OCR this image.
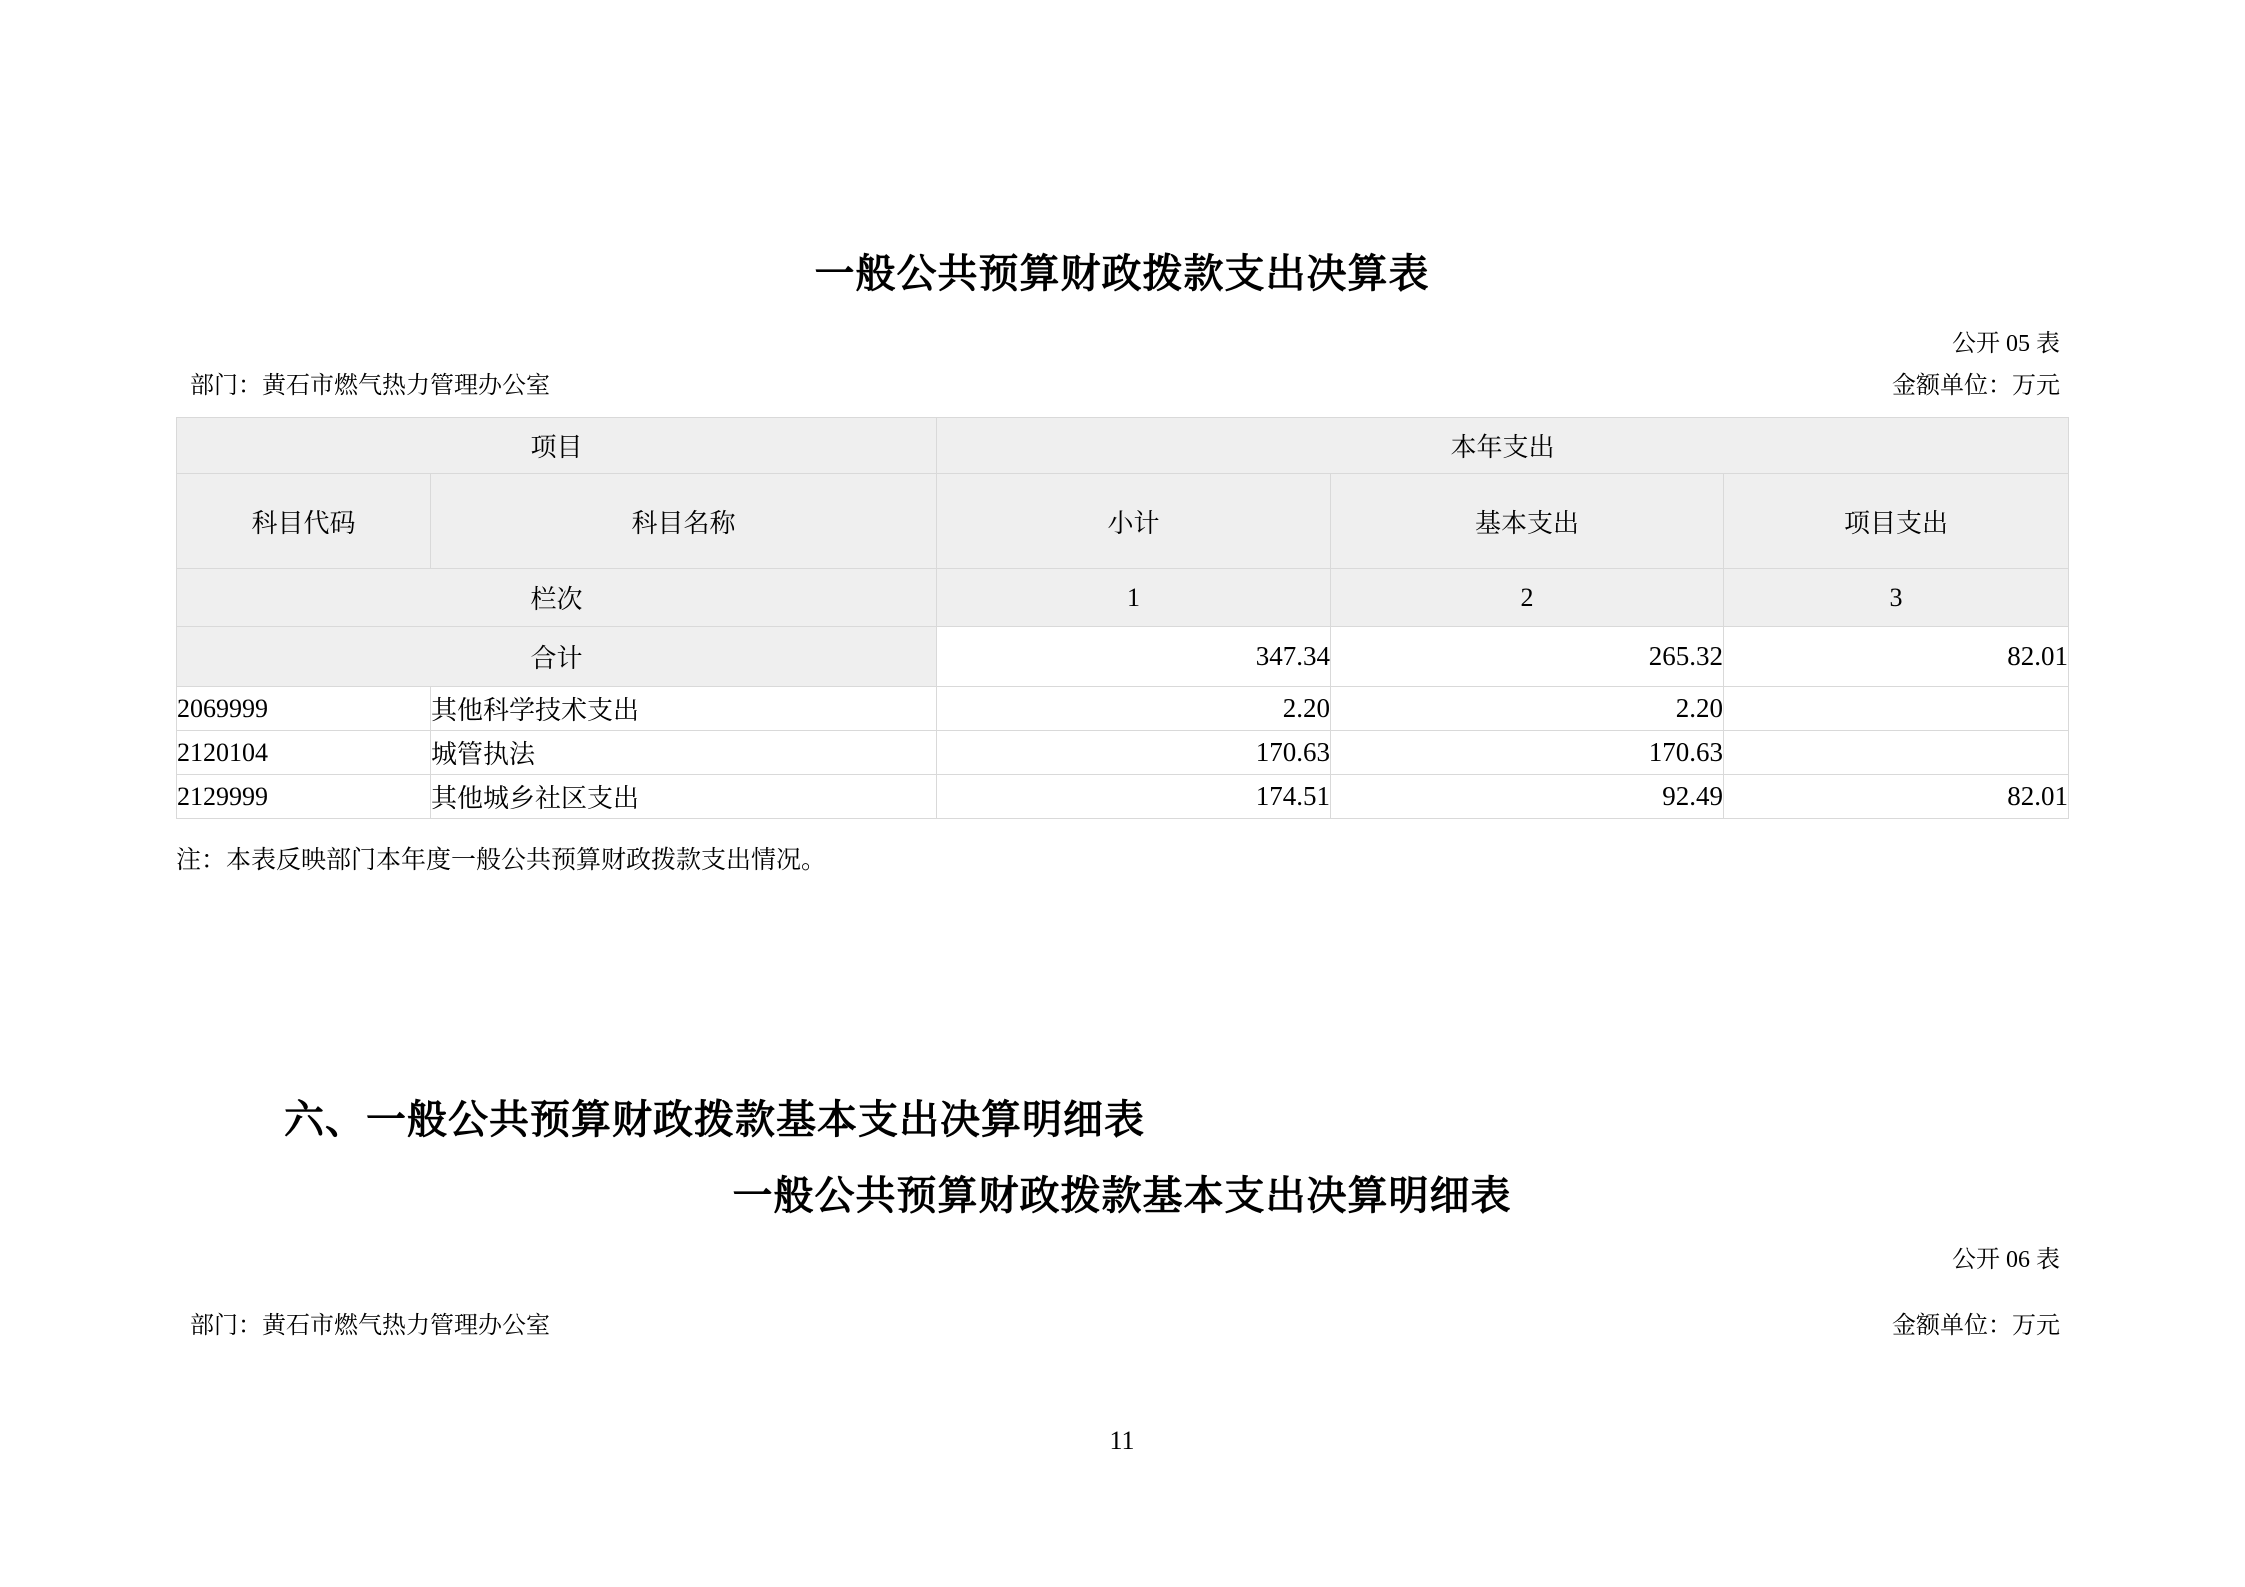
一般公共预算财政拨款支出决算表
公开 05 表
部门：黄石市燃气热力管理办公室	金额单位：万元
项目		本年支出		
科目代码	科目名称	小计	基本支出	项目支出
栏次		1	2	3
合计		347.34	265.32	82.01
2069999	其他科学技术支出	2.20	2.20	
2120104	城管执法	170.63	170.63	
2129999	其他城乡社区支出	174.51	92.49	82.01
注：本表反映部门本年度一般公共预算财政拨款支出情况。
六、一般公共预算财政拨款基本支出决算明细表
一般公共预算财政拨款基本支出决算明细表
公开 06 表
部门：黄石市燃气热力管理办公室	金额单位：万元
11
